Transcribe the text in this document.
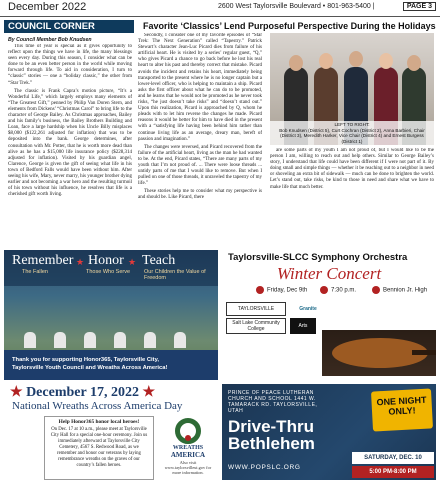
December 2022	2600 West Taylorsville Boulevard • 801-963-5400 |	PAGE 3
COUNCIL CORNER	Favorite ‘Classics’ Lend Purposeful Perspective During the Holidays
By Council Member Bob Knudsen

This time of year is special as it gives opportunity to reflect upon the things we have in life, the many blessings seen every day. During this season, I consider what can be done to be an even better person in the world while moving forward through life. To aid in consideration, I turn to “classic” stories — one a “holiday classic,” the other from “Star Trek.”

The classic is Frank Capra’s motion picture, “It’s a Wonderful Life,” which largely employs many elements of “The Greatest Gift,” penned by Philip Van Doren Stern, and elements from Dickens’ “Christmas Carol” to bring life to the character of George Bailey. As Christmas approaches, Bailey and his family’s business, the Bailey Brothers Building and Loan, face a large hardship when his Uncle Billy misplaces $8,000 ($122,261 adjusted for inflation) that was to be deposited into the bank. George determines, after consultation with Mr. Potter, that he is worth more dead than alive as he has a $15,000 life insurance policy ($228,314 adjusted for inflation). Visited by his guardian angel, Clarence, George is given the gift of seeing what life in his town of Bedford Falls would have been without him. After seeing his wife, Mary, never marry, his younger brother dying earlier and not becoming a war hero and the resulting turmoil of his town without his influence, he resolves that life is a cherished gift worth living.

Secondly, I consider one of my favorite episodes of “Star Trek: The Next Generation” called “Tapestry.” Patrick Stewart’s character Jean-Luc Picard dies from failure of his artificial heart. He is visited by a series’ regular guest, “Q,” who gives Picard a chance to go back before he lost his real heart to alter his past and thereby correct that mistake. Picard avoids the incident and retains his heart, immediately being transported to the present where he is no longer captain but a lower-level officer, who is helping to maintain a ship. Picard asks the first officer about what he can do to be promoted, and he learns that he would not be promoted as he never took risks, “he just doesn’t take risks” and “doesn’t stand out.” Upon this realization, Picard is approached by Q, whom he pleads with to let him reverse the changes he made. Picard reasons it would be better for him to have died in the present with a “satisfying life having been behind him rather than continue living life as an average, dreary man, bereft of passion and imagination.”

The changes were reversed, and Picard recovered from the failure of the artificial heart, living as the man he had wanted to be. At the end, Picard states, “There are many parts of my youth that I’m not proud of. ... There were loose threads ... untidy parts of me that I would like to remove. But when I pulled on one of those threads, it unraveled the tapestry of my life.”

These stories help me to consider what my perspective is and should be. Like Picard, there

LEFT TO RIGHT:
Bob Knudsen (District 5), Curt Cochran (District 2), Anna Barbieri, Chair (District 3), Meredith Harker, Vice Chair (District 4) and Ernest Burgess (District 1)

are some parts of my youth I am not proud of, but I would like to be the person I am, willing to reach out and help others. Similar to George Bailey’s story, I understand that life could have been different if I were not part of it. By doing small and simple things — whether it be reaching out to a neighbor in need or shoveling an extra bit of sidewalk — much can be done to brighten the world. Let’s stand out, take risks, be kind to those in need and share what we have to make life that much better.

Remember ★ Honor ★ Teach
The Fallen	Those Who Serve	Our Children the Value of Freedom
Thank you for supporting Honor365, Taylorsville City,
Taylorsville Youth Council and Wreaths Across America!
Taylorsville-SLCC Symphony Orchestra
Winter Concert
Friday, Dec 9th	7:30 p.m.	Bennion Jr. High
TAYLORSVILLE	Granite
Salt Lake Community College	Arts
★ December 17, 2022 ★
National Wreaths Across America Day
Help Honor365 honor local heroes!
On Dec. 17 at 10 a.m., please meet at Taylorsville City Hall for a special one-hour ceremony. Join us immediately afterward at Taylorsville City Cemetery, 4567 S. Redwood Road, as we remember and honor our veterans by laying remembrance wreaths on the graves of our country’s fallen heroes.
WREATHS
AMERICA
Also visit www.taylorsvilleut.gov for more information.
PRINCE OF PEACE LUTHERAN CHURCH AND SCHOOL 1441 W. TAMARACK RD. TAYLORSVILLE, UTAH
Drive-Thru
Bethlehem
ONE NIGHT ONLY!
SATURDAY, DEC. 10
5:00 PM-8:00 PM
WWW.POPSLC.ORG
